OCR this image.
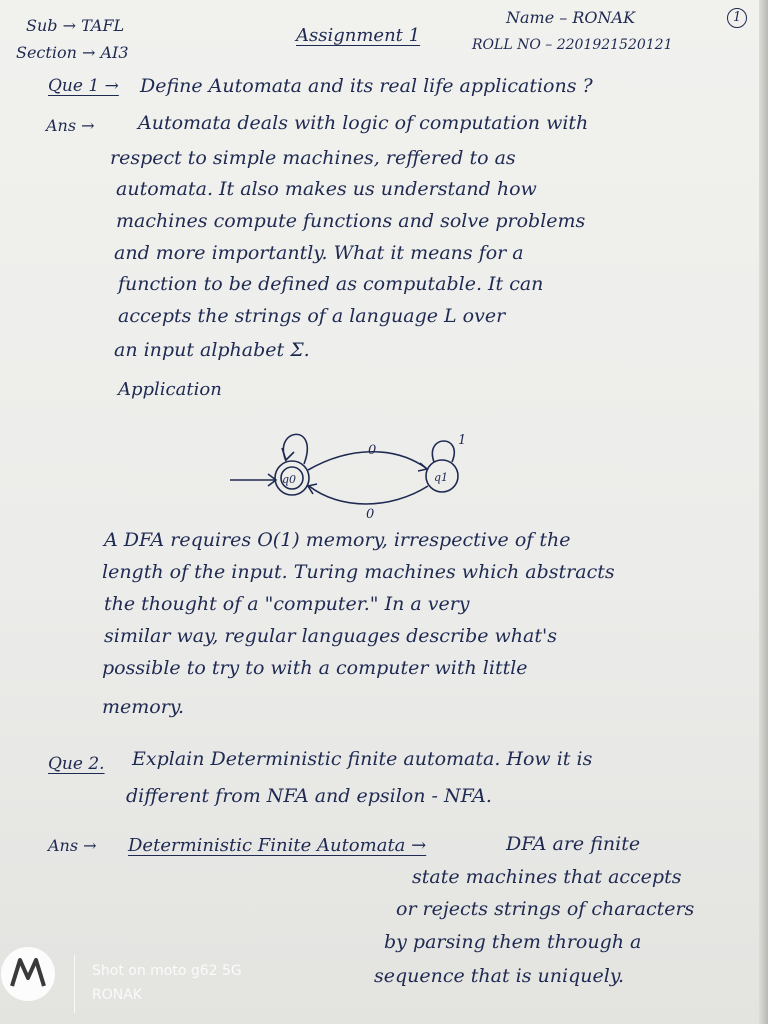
Sub → TAFL
Section → AI3
Assignment 1
Name – RONAK
ROLL NO – 2201921520121
1
Que 1 → Define Automata and its real life applications ?
Ans → Automata deals with logic of computation with
respect to simple machines, reffered to as
automata. It also makes us understand how
machines compute functions and solve problems
and more importantly. What it means for a
function to be defined as computable. It can
accepts the strings of a language L over
an input alphabet Σ.
Application
q0	q1
0
0
1
A DFA requires O(1) memory, irrespective of the
length of the input. Turing machines which abstracts
the thought of a "computer." In a very
similar way, regular languages describe what's
possible to try to with a computer with little
memory.
Que 2. Explain Deterministic finite automata. How it is
different from NFA and epsilon - NFA.
Ans → Deterministic Finite Automata →	DFA are finite
state machines that accepts
or rejects strings of characters
by parsing them through a
sequence that is uniquely.
Shot on moto g62 5G
RONAK
